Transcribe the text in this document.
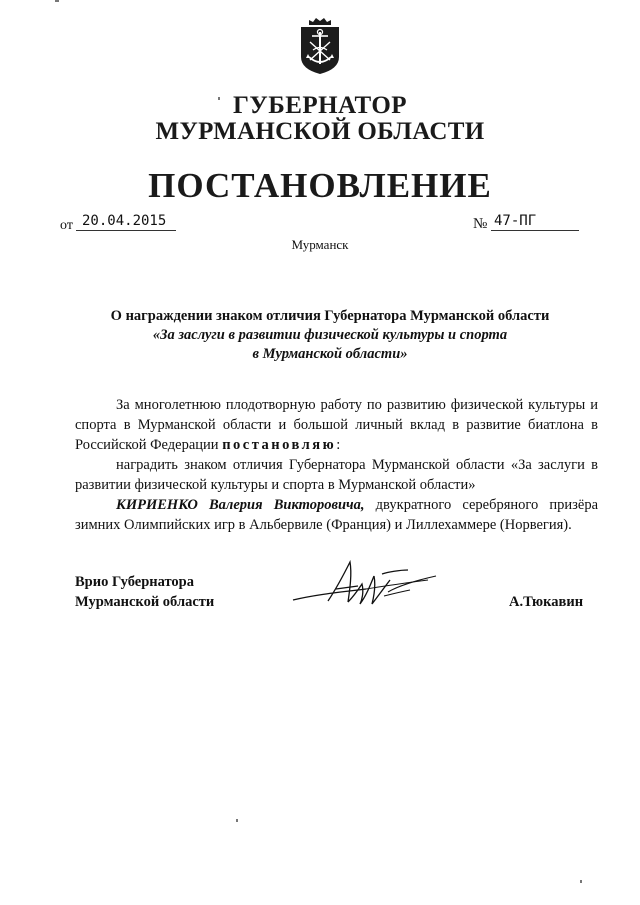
ГУБЕРНАТОР
МУРМАНСКОЙ ОБЛАСТИ
ПОСТАНОВЛЕНИЕ
от 20.04.2015	№ 47-ПГ
Мурманск
О награждении знаком отличия Губернатора Мурманской области
«За заслуги в развитии физической культуры и спорта
в Мурманской области»

За многолетнюю плодотворную работу по развитию физической культуры и спорта в Мурманской области и большой личный вклад в развитие биатлона в Российской Федерации постановляю:

наградить знаком отличия Губернатора Мурманской области «За заслуги в развитии физической культуры и спорта в Мурманской области»

КИРИЕНКО Валерия Викторовича, двукратного серебряного призёра зимних Олимпийских игр в Альбервиле (Франция) и Лиллехаммере (Норвегия).

Врио Губернатора
Мурманской области	А.Тюкавин
